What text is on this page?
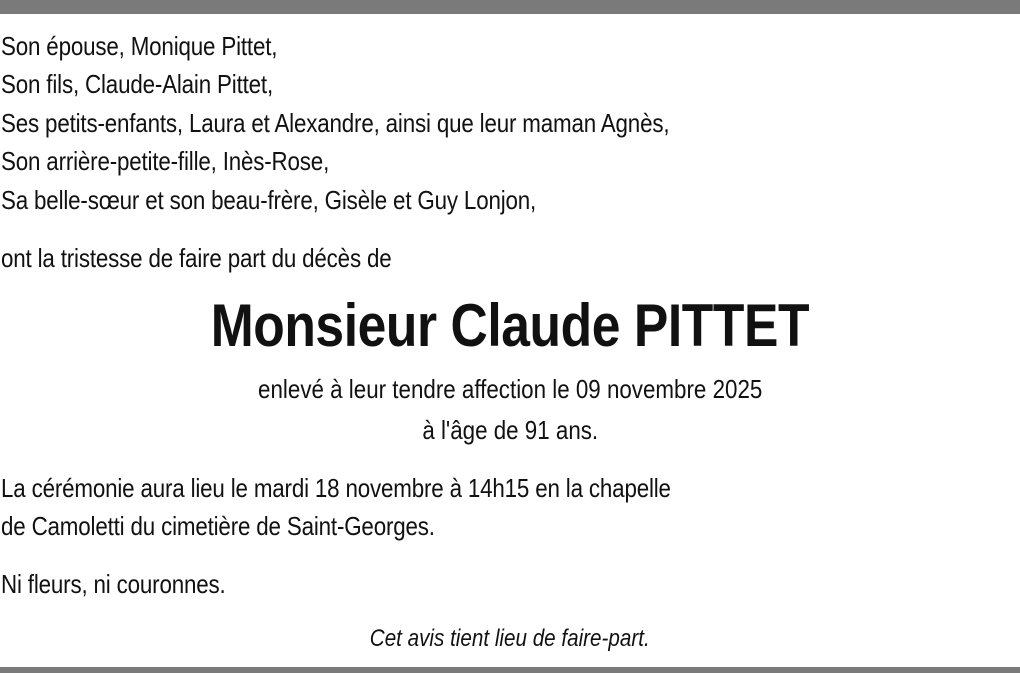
Son épouse, Monique Pittet,
Son fils, Claude-Alain Pittet,
Ses petits-enfants, Laura et Alexandre, ainsi que leur maman Agnès,
Son arrière-petite-fille, Inès-Rose,
Sa belle-sœur et son beau-frère, Gisèle et Guy Lonjon,
ont la tristesse de faire part du décès de
Monsieur Claude PITTET
enlevé à leur tendre affection le 09 novembre 2025
à l'âge de 91 ans.
La cérémonie aura lieu le mardi 18 novembre à 14h15 en la chapelle
de Camoletti du cimetière de Saint-Georges.
Ni fleurs, ni couronnes.
Cet avis tient lieu de faire-part.
